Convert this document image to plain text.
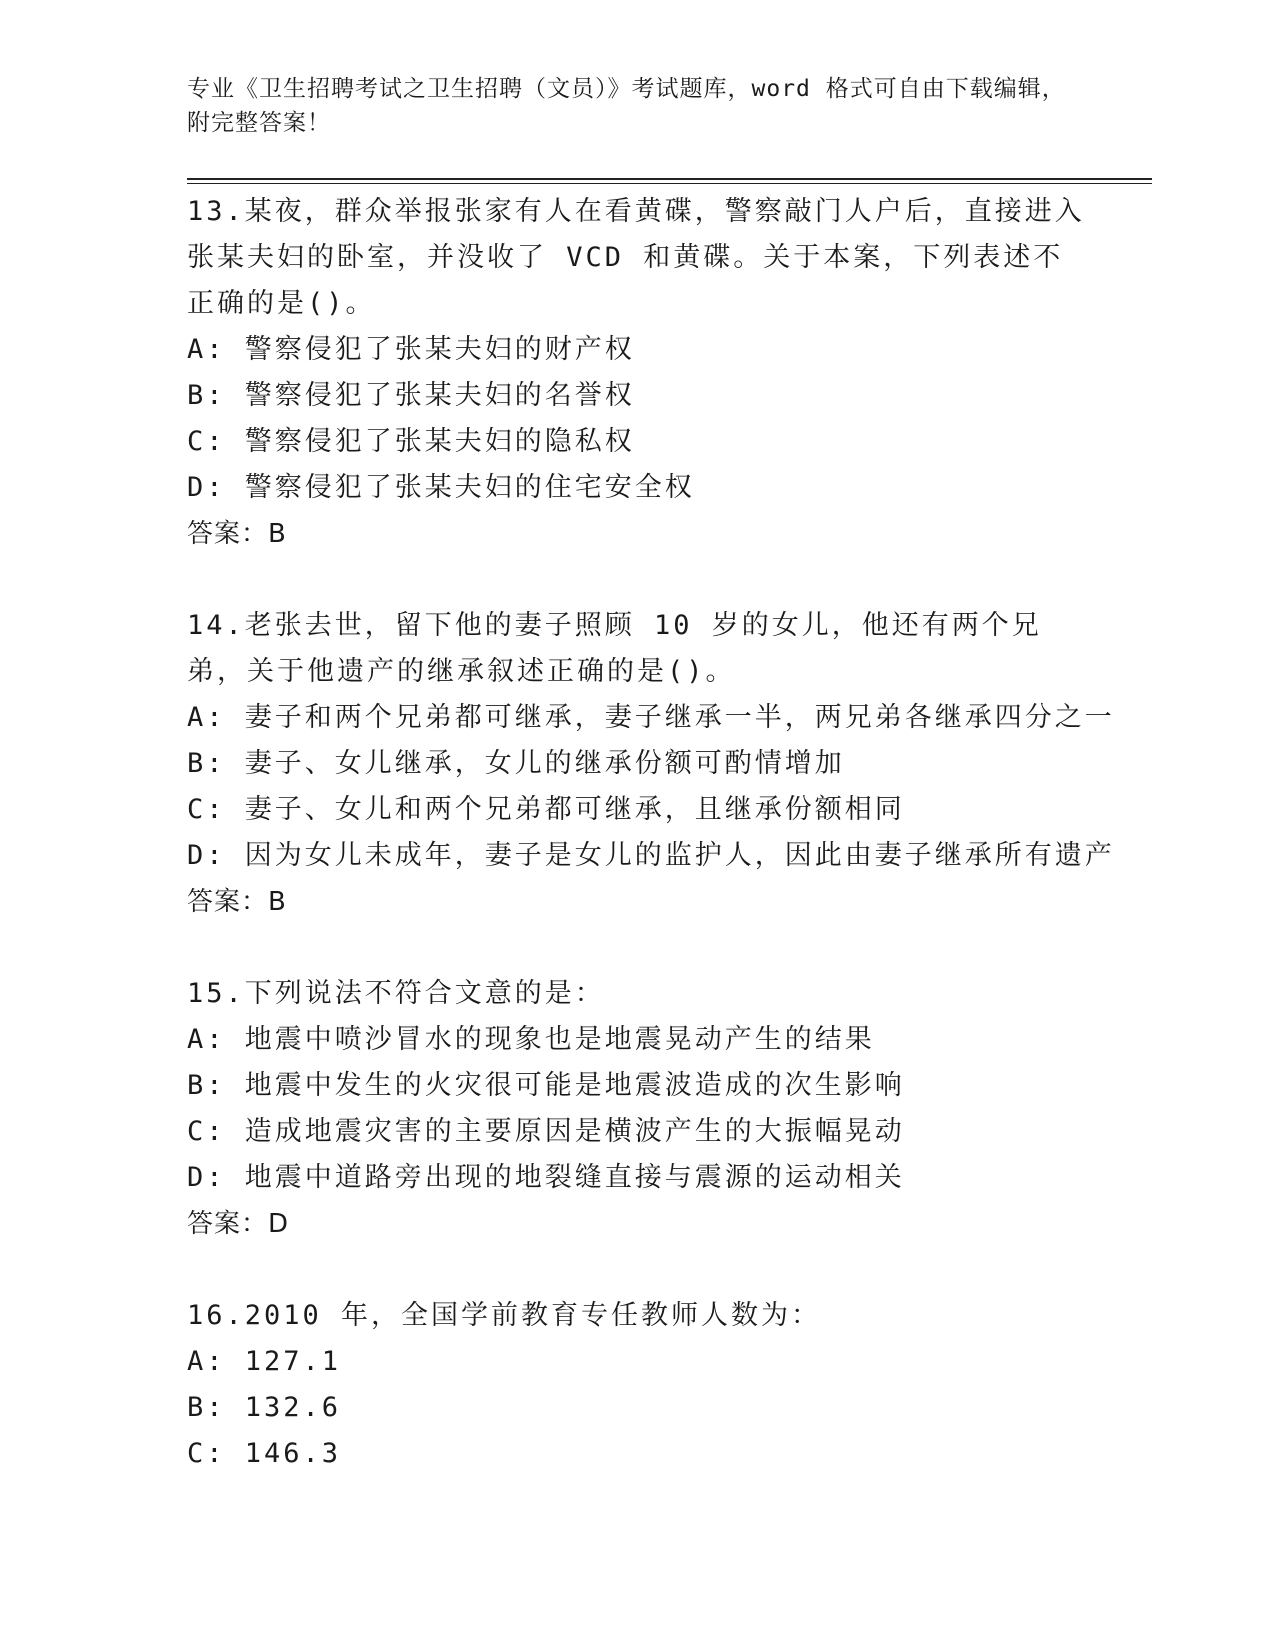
专业《卫生招聘考试之卫生招聘（文员）》考试题库，word 格式可自由下载编辑，附完整答案！
13.某夜，群众举报张家有人在看黄碟，警察敲门人户后，直接进入张某夫妇的卧室，并没收了 VCD 和黄碟。关于本案，下列表述不正确的是()。
A: 警察侵犯了张某夫妇的财产权
B: 警察侵犯了张某夫妇的名誉权
C: 警察侵犯了张某夫妇的隐私权
D: 警察侵犯了张某夫妇的住宅安全权
答案：B
14.老张去世，留下他的妻子照顾 10 岁的女儿，他还有两个兄弟，关于他遗产的继承叙述正确的是()。
A: 妻子和两个兄弟都可继承，妻子继承一半，两兄弟各继承四分之一
B: 妻子、女儿继承，女儿的继承份额可酌情增加
C: 妻子、女儿和两个兄弟都可继承，且继承份额相同
D: 因为女儿未成年，妻子是女儿的监护人，因此由妻子继承所有遗产
答案：B
15.下列说法不符合文意的是：
A: 地震中喷沙冒水的现象也是地震晃动产生的结果
B: 地震中发生的火灾很可能是地震波造成的次生影响
C: 造成地震灾害的主要原因是横波产生的大振幅晃动
D: 地震中道路旁出现的地裂缝直接与震源的运动相关
答案：D
16.2010 年，全国学前教育专任教师人数为：
A: 127.1
B: 132.6
C: 146.3
